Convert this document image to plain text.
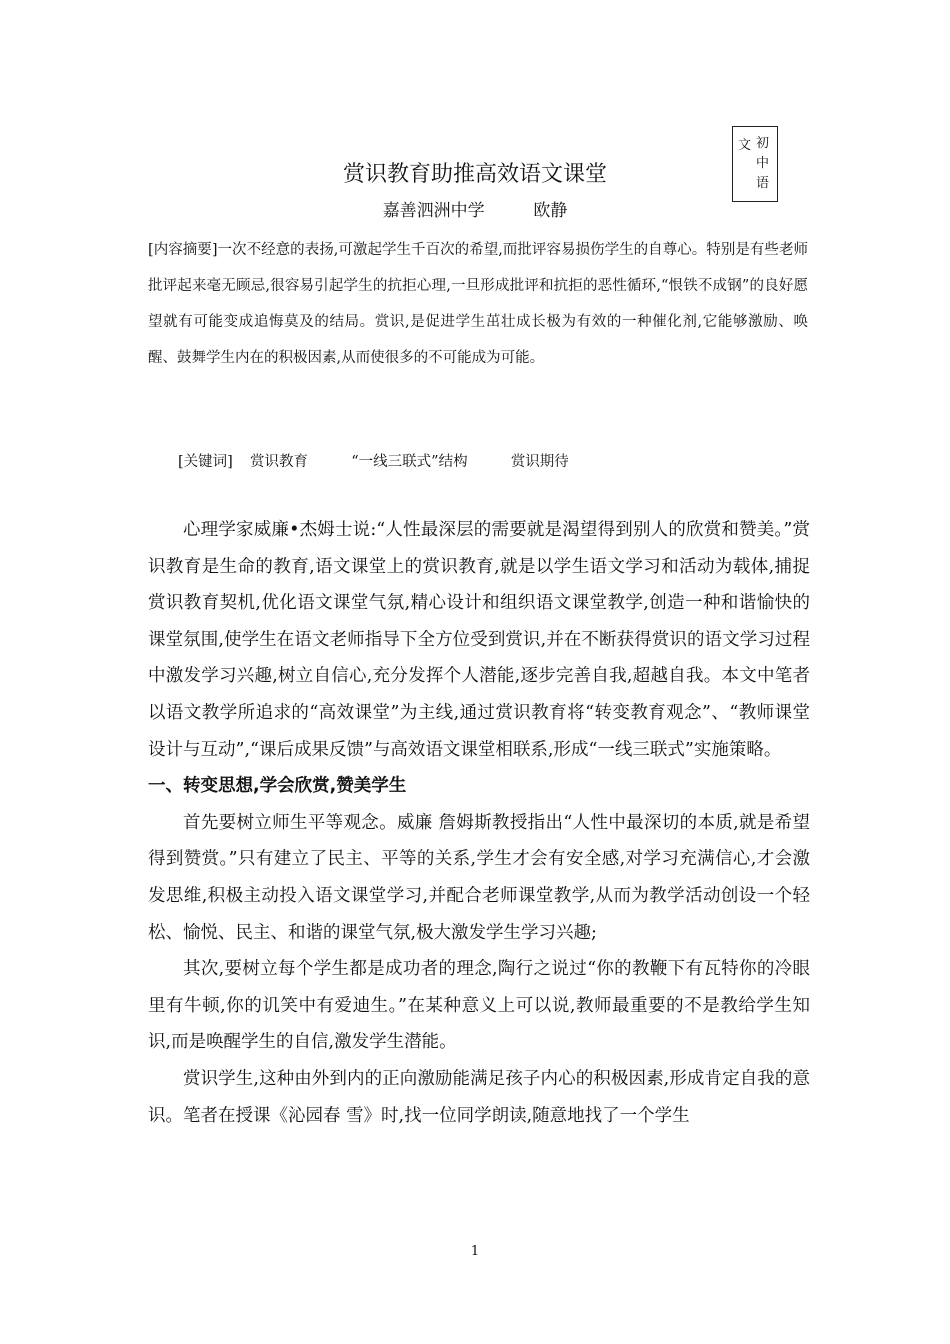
文 初
中
语
赏识教育助推高效语文课堂
嘉善泗洲中学	欧静

[内容摘要]一次不经意的表扬,可激起学生千百次的希望,而批评容易损伤学生的自尊心。特别是有些老师批评起来毫无顾忌,很容易引起学生的抗拒心理,一旦形成批评和抗拒的恶性循环,“恨铁不成钢”的良好愿望就有可能变成追悔莫及的结局。赏识,是促进学生茁壮成长极为有效的一种催化剂,它能够激励、唤醒、鼓舞学生内在的积极因素,从而使很多的不可能成为可能。

[关键词] 赏识教育	“一线三联式”结构	赏识期待

心理学家威廉•杰姆士说:“人性最深层的需要就是渴望得到别人的欣赏和赞美。”赏识教育是生命的教育,语文课堂上的赏识教育,就是以学生语文学习和活动为载体,捕捉赏识教育契机,优化语文课堂气氛,精心设计和组织语文课堂教学,创造一种和谐愉快的课堂氛围,使学生在语文老师指导下全方位受到赏识,并在不断获得赏识的语文学习过程中激发学习兴趣,树立自信心,充分发挥个人潜能,逐步完善自我,超越自我。本文中笔者以语文教学所追求的“高效课堂”为主线,通过赏识教育将“转变教育观念”、“教师课堂设计与互动”,“课后成果反馈”与高效语文课堂相联系,形成“一线三联式”实施策略。

一、转变思想,学会欣赏,赞美学生

首先要树立师生平等观念。威廉 詹姆斯教授指出“人性中最深切的本质,就是希望得到赞赏。”只有建立了民主、平等的关系,学生才会有安全感,对学习充满信心,才会激发思维,积极主动投入语文课堂学习,并配合老师课堂教学,从而为教学活动创设一个轻松、愉悦、民主、和谐的课堂气氛,极大激发学生学习兴趣;

其次,要树立每个学生都是成功者的理念,陶行之说过“你的教鞭下有瓦特你的冷眼里有牛顿,你的讥笑中有爱迪生。”在某种意义上可以说,教师最重要的不是教给学生知识,而是唤醒学生的自信,激发学生潜能。

赏识学生,这种由外到内的正向激励能满足孩子内心的积极因素,形成肯定自我的意识。笔者在授课《沁园春 雪》时,找一位同学朗读,随意地找了一个学生

1
